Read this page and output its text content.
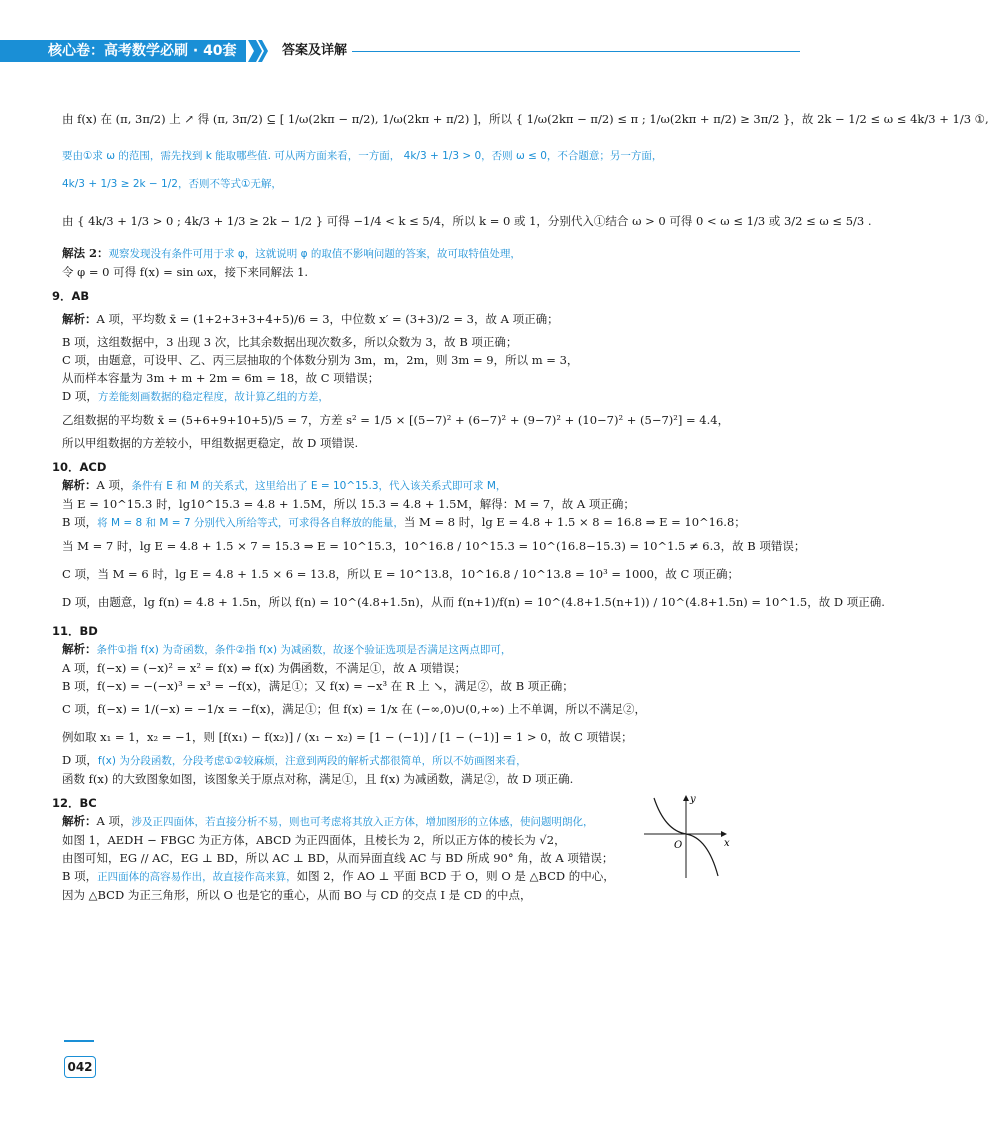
核心卷：高考数学必刷 · 40套	答案及详解

由 f(x) 在 (π, 3π/2) 上 ↗ 得 (π, 3π/2) ⊆ [ 1/ω(2kπ − π/2), 1/ω(2kπ + π/2) ]，所以 { 1/ω(2kπ − π/2) ≤ π ; 1/ω(2kπ + π/2) ≥ 3π/2 }，故 2k − 1/2 ≤ ω ≤ 4k/3 + 1/3 ①,

要由①求 ω 的范围，需先找到 k 能取哪些值. 可从两方面来看，一方面， 4k/3 + 1/3 > 0，否则 ω ≤ 0，不合题意；另一方面，

4k/3 + 1/3 ≥ 2k − 1/2，否则不等式①无解，

由 { 4k/3 + 1/3 > 0 ; 4k/3 + 1/3 ≥ 2k − 1/2 } 可得 −1/4 < k ≤ 5/4，所以 k = 0 或 1，分别代入①结合 ω > 0 可得 0 < ω ≤ 1/3 或 3/2 ≤ ω ≤ 5/3 .

解法 2：观察发现没有条件可用于求 φ，这就说明 φ 的取值不影响问题的答案，故可取特值处理，

令 φ = 0 可得 f(x) = sin ωx，接下来同解法 1.

9．AB

解析：A 项，平均数 x̄ = (1+2+3+3+4+5)/6 = 3，中位数 x′ = (3+3)/2 = 3，故 A 项正确；

B 项，这组数据中，3 出现 3 次，比其余数据出现次数多，所以众数为 3，故 B 项正确；

C 项，由题意，可设甲、乙、丙三层抽取的个体数分别为 3m，m，2m，则 3m = 9，所以 m = 3，

从而样本容量为 3m + m + 2m = 6m = 18，故 C 项错误；

D 项，方差能刻画数据的稳定程度，故计算乙组的方差，

乙组数据的平均数 x̄ = (5+6+9+10+5)/5 = 7，方差 s² = 1/5 × [(5−7)² + (6−7)² + (9−7)² + (10−7)² + (5−7)²] = 4.4，

所以甲组数据的方差较小，甲组数据更稳定，故 D 项错误.

10．ACD

解析：A 项，条件有 E 和 M 的关系式，这里给出了 E = 10^15.3，代入该关系式即可求 M，

当 E = 10^15.3 时，lg10^15.3 = 4.8 + 1.5M，所以 15.3 = 4.8 + 1.5M，解得：M = 7，故 A 项正确；

B 项，将 M = 8 和 M = 7 分别代入所给等式，可求得各自释放的能量，当 M = 8 时，lg E = 4.8 + 1.5 × 8 = 16.8 ⇒ E = 10^16.8；

当 M = 7 时，lg E = 4.8 + 1.5 × 7 = 15.3 ⇒ E = 10^15.3，10^16.8 / 10^15.3 = 10^(16.8−15.3) = 10^1.5 ≠ 6.3，故 B 项错误；

C 项，当 M = 6 时，lg E = 4.8 + 1.5 × 6 = 13.8，所以 E = 10^13.8，10^16.8 / 10^13.8 = 10³ = 1000，故 C 项正确；

D 项，由题意，lg f(n) = 4.8 + 1.5n，所以 f(n) = 10^(4.8+1.5n)，从而 f(n+1)/f(n) = 10^(4.8+1.5(n+1)) / 10^(4.8+1.5n) = 10^1.5，故 D 项正确.

11．BD

解析：条件①指 f(x) 为奇函数，条件②指 f(x) 为减函数，故逐个验证选项是否满足这两点即可，

A 项，f(−x) = (−x)² = x² = f(x) ⇒ f(x) 为偶函数，不满足①，故 A 项错误；

B 项，f(−x) = −(−x)³ = x³ = −f(x)，满足①；又 f(x) = −x³ 在 R 上 ↘，满足②，故 B 项正确；

C 项，f(−x) = 1/(−x) = −1/x = −f(x)，满足①；但 f(x) = 1/x 在 (−∞,0)∪(0,+∞) 上不单调，所以不满足②，

例如取 x₁ = 1，x₂ = −1，则 [f(x₁) − f(x₂)] / (x₁ − x₂) = [1 − (−1)] / [1 − (−1)] = 1 > 0，故 C 项错误；

D 项，f(x) 为分段函数，分段考虑①②较麻烦，注意到两段的解析式都很简单，所以不妨画图来看，

函数 f(x) 的大致图象如图，该图象关于原点对称，满足①，且 f(x) 为减函数，满足②，故 D 项正确.

12．BC

解析：A 项，涉及正四面体，若直接分析不易，则也可考虑将其放入正方体，增加图形的立体感，使问题明朗化，

如图 1，AEDH − FBGC 为正方体，ABCD 为正四面体，且棱长为 2，所以正方体的棱长为 √2，

由图可知，EG // AC，EG ⊥ BD，所以 AC ⊥ BD，从而异面直线 AC 与 BD 所成 90° 角，故 A 项错误；

B 项，正四面体的高容易作出，故直接作高来算，如图 2，作 AO ⊥ 平面 BCD 于 O，则 O 是 △BCD 的中心，

因为 △BCD 为正三角形，所以 O 也是它的重心，从而 BO 与 CD 的交点 I 是 CD 的中点，

x
y
O
042
